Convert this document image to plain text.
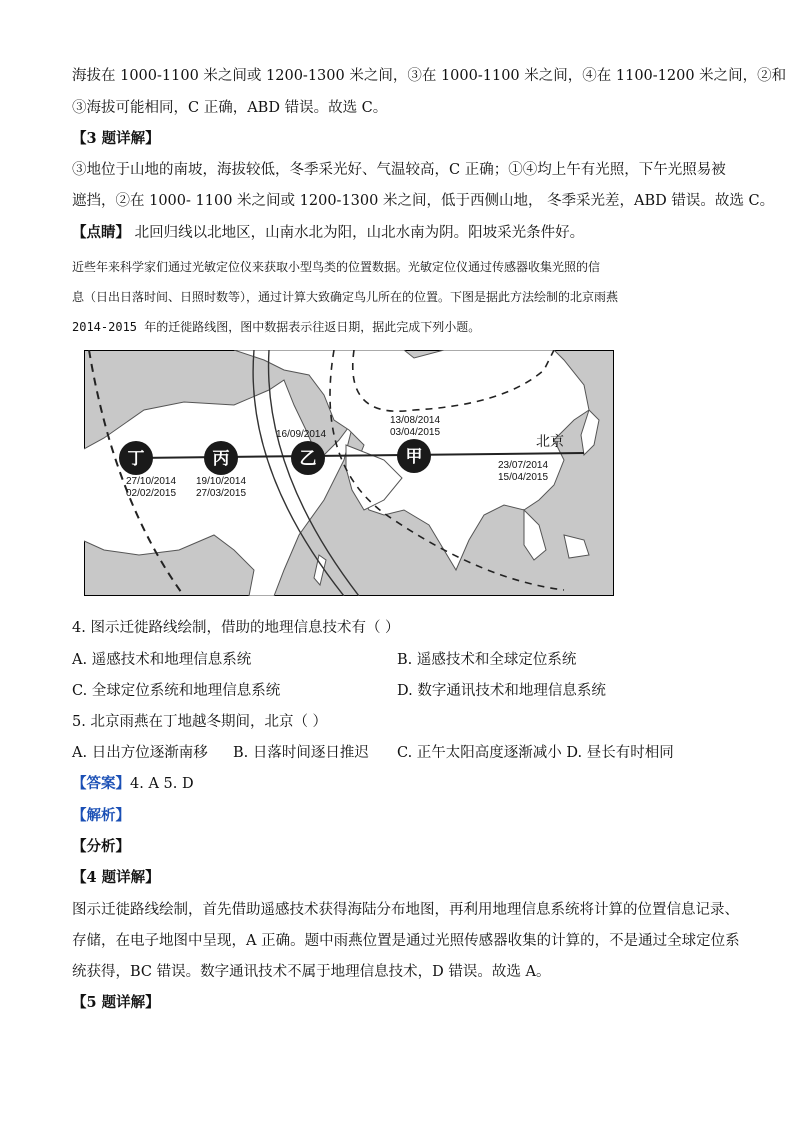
海拔在 1000-1100 米之间或 1200-1300 米之间，③在 1000-1100 米之间，④在 1100-1200 米之间，②和
③海拔可能相同，C 正确，ABD 错误。故选 C。
【3 题详解】
③地位于山地的南坡，海拔较低，冬季采光好、气温较高，C 正确；①④均上午有光照，下午光照易被
遮挡，②在 1000- 1100 米之间或 1200-1300 米之间，低于西侧山地， 冬季采光差，ABD 错误。故选 C。
【点睛】 北回归线以北地区，山南水北为阳，山北水南为阴。阳坡采光条件好。
近些年来科学家们通过光敏定位仪来获取小型鸟类的位置数据。光敏定位仪通过传感器收集光照的信
息（日出日落时间、日照时数等），通过计算大致确定鸟儿所在的位置。下图是据此方法绘制的北京雨燕
2014-2015 年的迁徙路线图，图中数据表示往返日期，据此完成下列小题。
丁
27/10/2014
02/02/2015
丙
19/10/2014
27/03/2015
乙
16/09/2014
甲
13/08/2014
03/04/2015
北京
23/07/2014
15/04/2015
4. 图示迁徙路线绘制，借助的地理信息技术有（ ）
A. 遥感技术和地理信息系统	B. 遥感技术和全球定位系统
C. 全球定位系统和地理信息系统	D. 数字通讯技术和地理信息系统
5. 北京雨燕在丁地越冬期间，北京（ ）
A. 日出方位逐渐南移 B. 日落时间逐日推迟 C. 正午太阳高度逐渐减小 D. 昼长有时相同
【答案】4. A 5. D
【解析】
【分析】
【4 题详解】
图示迁徙路线绘制，首先借助遥感技术获得海陆分布地图，再利用地理信息系统将计算的位置信息记录、
存储，在电子地图中呈现，A 正确。题中雨燕位置是通过光照传感器收集的计算的，不是通过全球定位系
统获得，BC 错误。数字通讯技术不属于地理信息技术，D 错误。故选 A。
【5 题详解】
